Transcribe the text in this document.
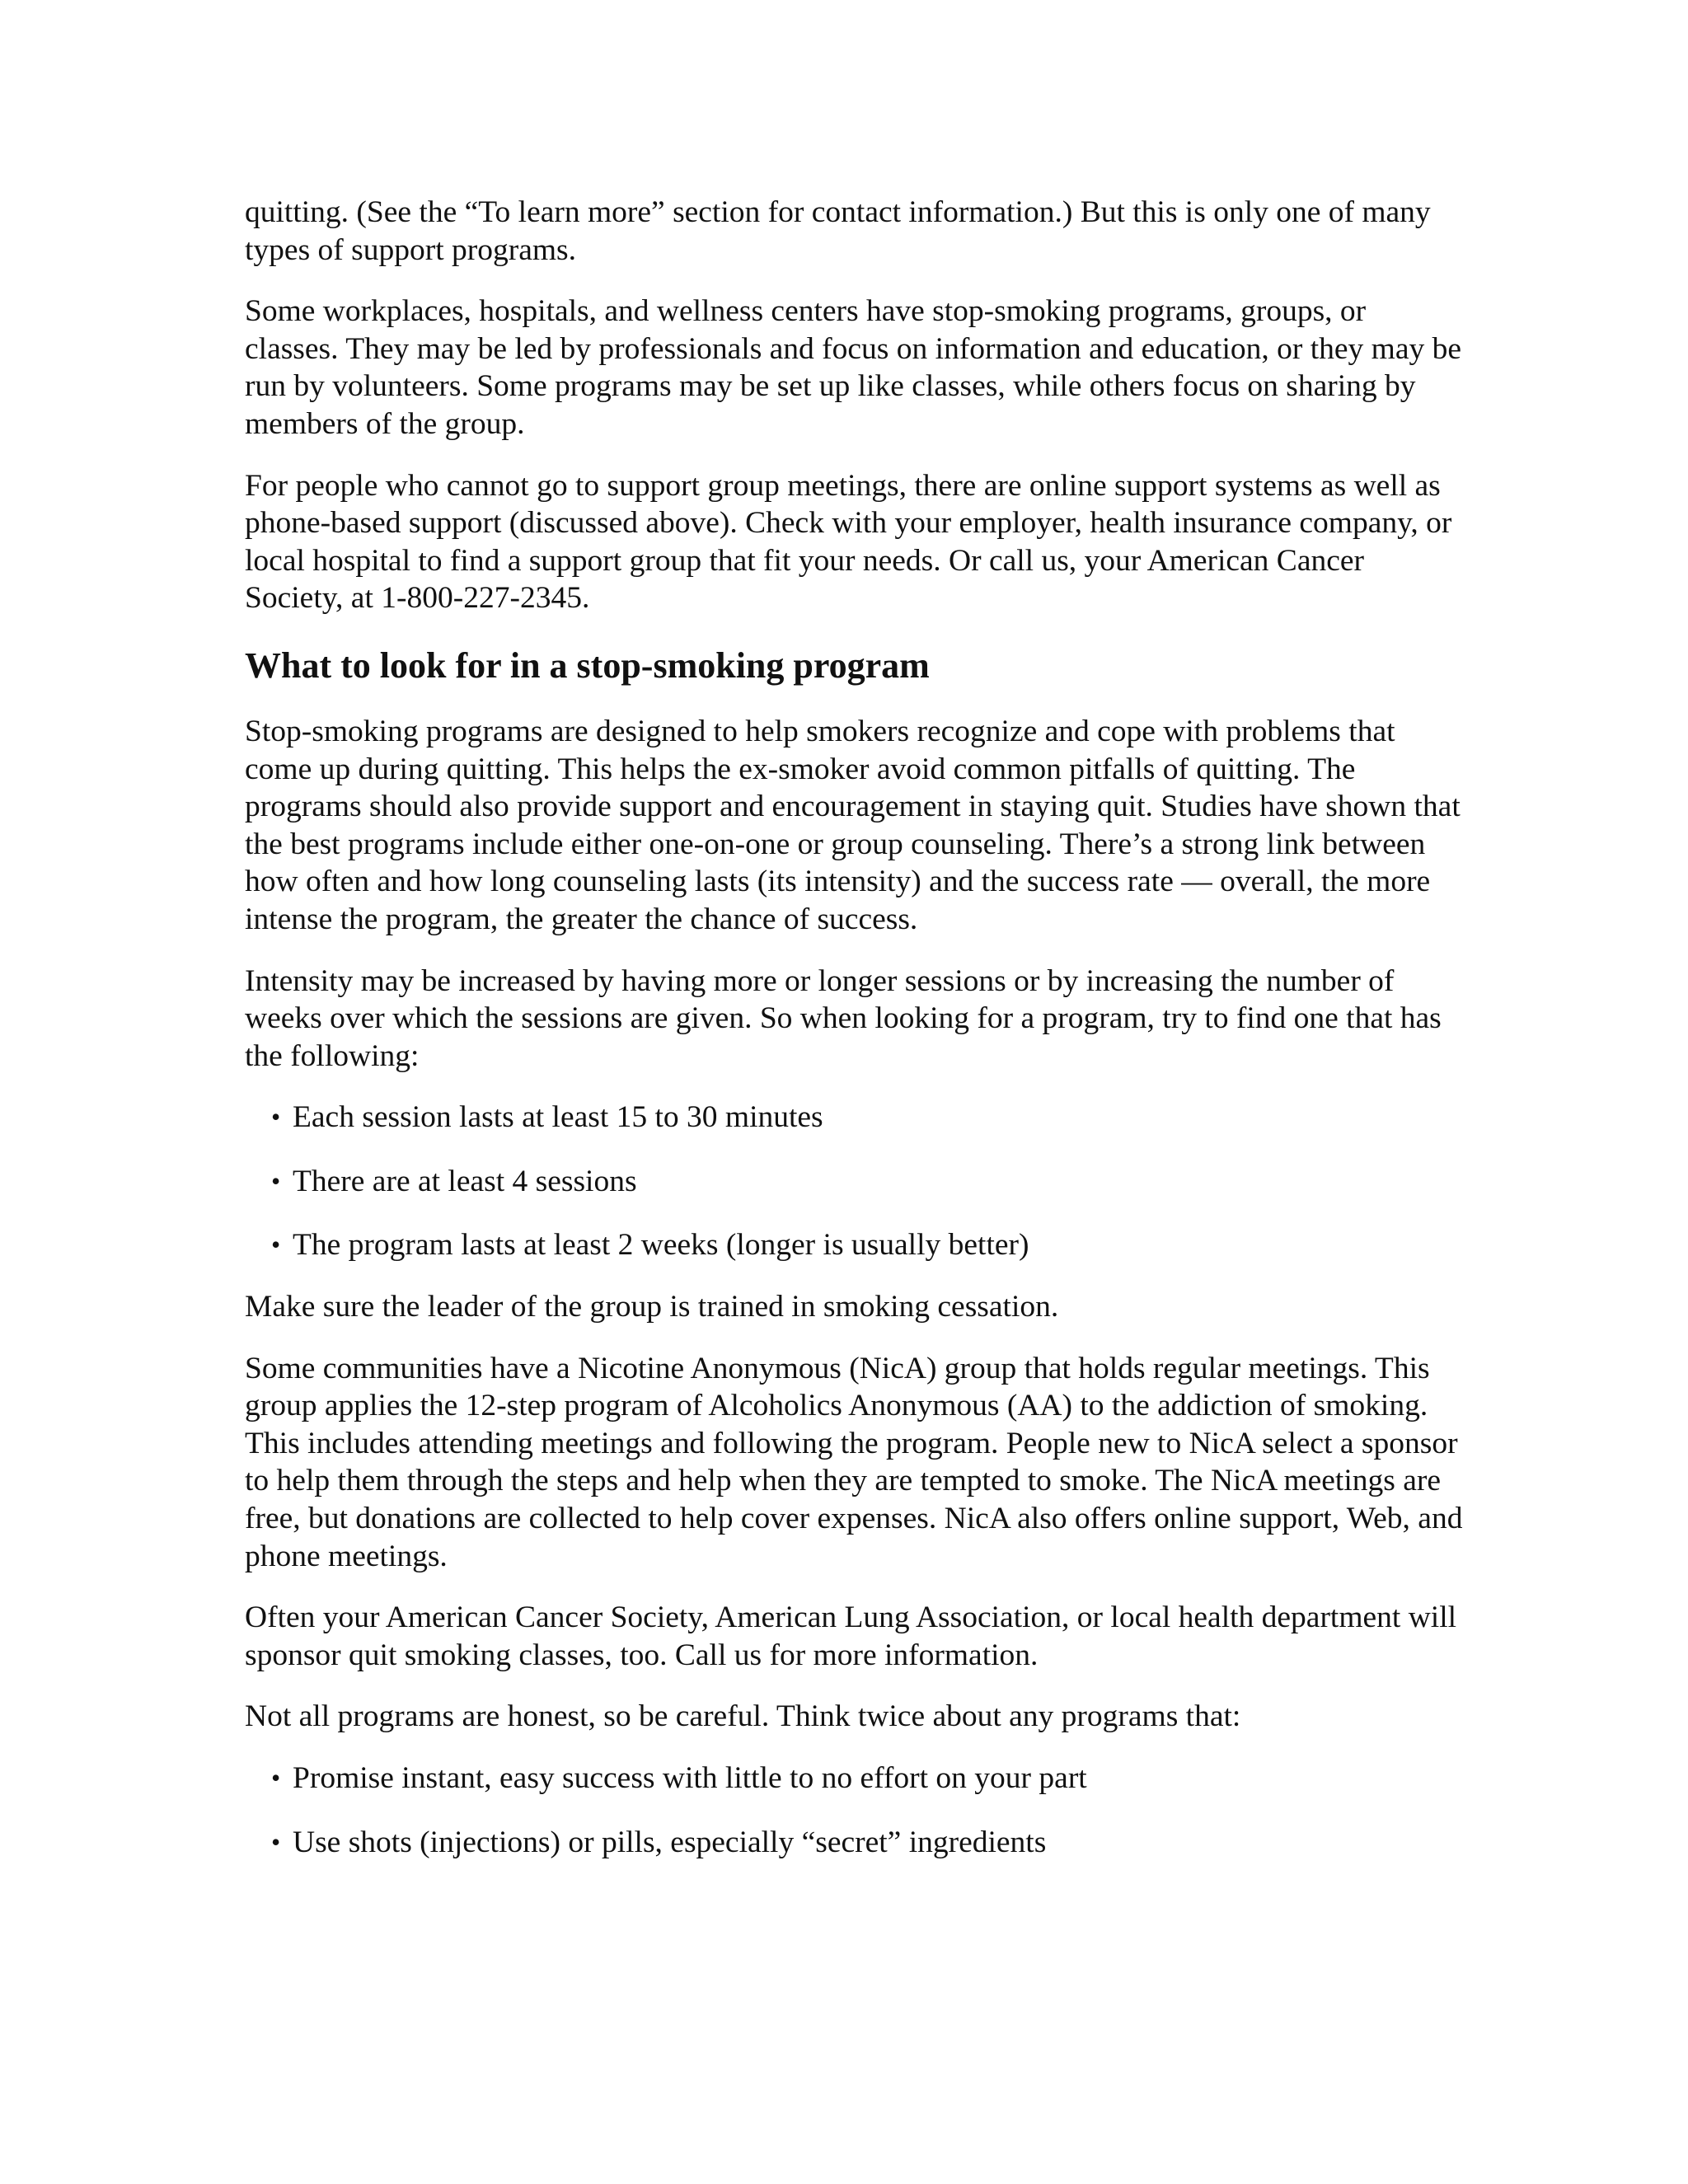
quitting. (See the “To learn more” section for contact information.) But this is only one of many types of support programs.

Some workplaces, hospitals, and wellness centers have stop-smoking programs, groups, or classes. They may be led by professionals and focus on information and education, or they may be run by volunteers. Some programs may be set up like classes, while others focus on sharing by members of the group.

For people who cannot go to support group meetings, there are online support systems as well as phone-based support (discussed above). Check with your employer, health insurance company, or local hospital to find a support group that fit your needs. Or call us, your American Cancer Society, at 1-800-227-2345.

What to look for in a stop-smoking program

Stop-smoking programs are designed to help smokers recognize and cope with problems that come up during quitting. This helps the ex-smoker avoid common pitfalls of quitting. The programs should also provide support and encouragement in staying quit. Studies have shown that the best programs include either one-on-one or group counseling. There’s a strong link between how often and how long counseling lasts (its intensity) and the success rate — overall, the more intense the program, the greater the chance of success.

Intensity may be increased by having more or longer sessions or by increasing the number of weeks over which the sessions are given. So when looking for a program, try to find one that has the following:

• Each session lasts at least 15 to 30 minutes
• There are at least 4 sessions
• The program lasts at least 2 weeks (longer is usually better)

Make sure the leader of the group is trained in smoking cessation.

Some communities have a Nicotine Anonymous (NicA) group that holds regular meetings. This group applies the 12-step program of Alcoholics Anonymous (AA) to the addiction of smoking. This includes attending meetings and following the program. People new to NicA select a sponsor to help them through the steps and help when they are tempted to smoke. The NicA meetings are free, but donations are collected to help cover expenses. NicA also offers online support, Web, and phone meetings.

Often your American Cancer Society, American Lung Association, or local health department will sponsor quit smoking classes, too. Call us for more information.

Not all programs are honest, so be careful. Think twice about any programs that:

• Promise instant, easy success with little to no effort on your part
• Use shots (injections) or pills, especially “secret” ingredients
